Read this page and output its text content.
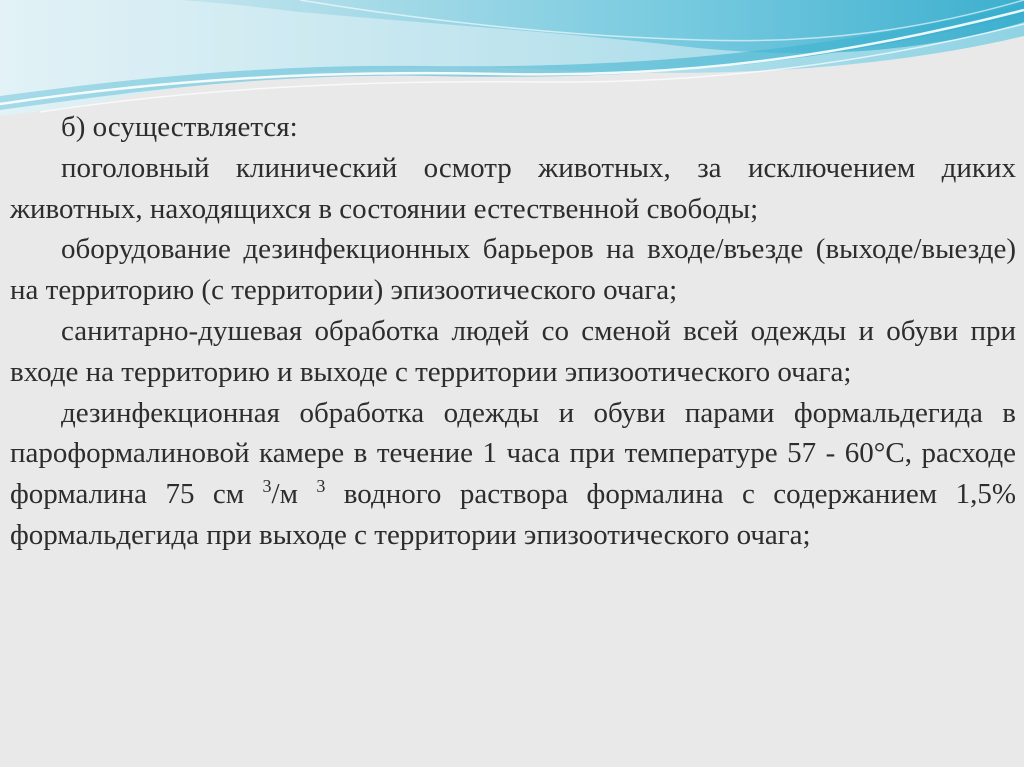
б) осуществляется:

поголовный клинический осмотр животных, за исключением диких животных, находящихся в состоянии естественной свободы;

оборудование дезинфекционных барьеров на входе/въезде (выходе/выезде) на территорию (с территории) эпизоотического очага;

санитарно-душевая обработка людей со сменой всей одежды и обуви при входе на территорию и выходе с территории эпизоотического очага;

дезинфекционная обработка одежды и обуви парами формальдегида в пароформалиновой камере в течение 1 часа при температуре 57 - 60°С, расходе формалина 75 см $^3$/м $^3$ водного раствора формалина с содержанием 1,5% формальдегида при выходе с территории эпизоотического очага;
